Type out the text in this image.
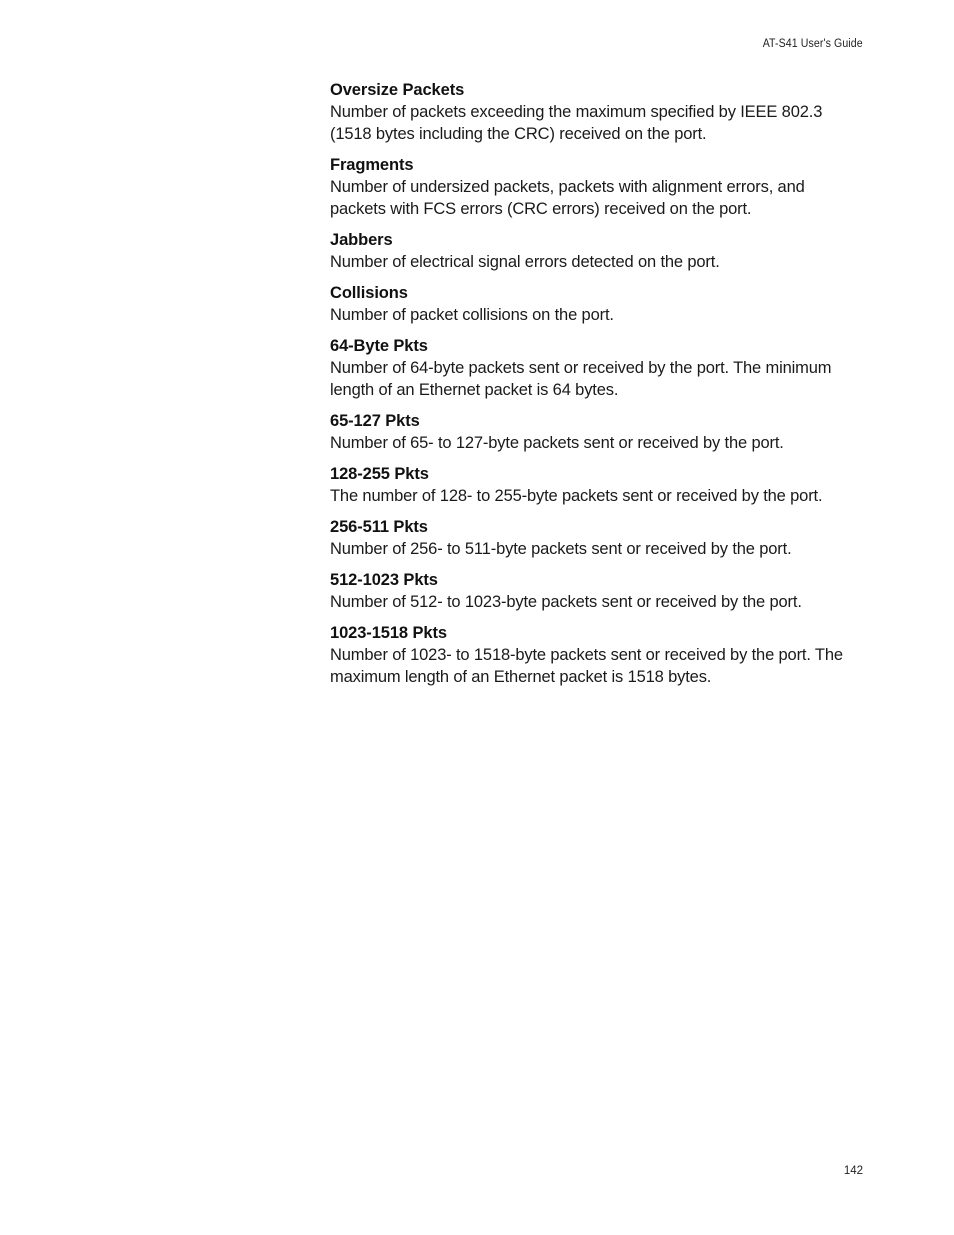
AT-S41 User's Guide
Oversize Packets
Number of packets exceeding the maximum specified by IEEE 802.3 (1518 bytes including the CRC) received on the port.
Fragments
Number of undersized packets, packets with alignment errors, and packets with FCS errors (CRC errors) received on the port.
Jabbers
Number of electrical signal errors detected on the port.
Collisions
Number of packet collisions on the port.
64-Byte Pkts
Number of 64-byte packets sent or received by the port. The minimum length of an Ethernet packet is 64 bytes.
65-127 Pkts
Number of 65- to 127-byte packets sent or received by the port.
128-255 Pkts
The number of 128- to 255-byte packets sent or received by the port.
256-511 Pkts
Number of 256- to 511-byte packets sent or received by the port.
512-1023 Pkts
Number of 512- to 1023-byte packets sent or received by the port.
1023-1518 Pkts
Number of 1023- to 1518-byte packets sent or received by the port. The maximum length of an Ethernet packet is 1518 bytes.
142
